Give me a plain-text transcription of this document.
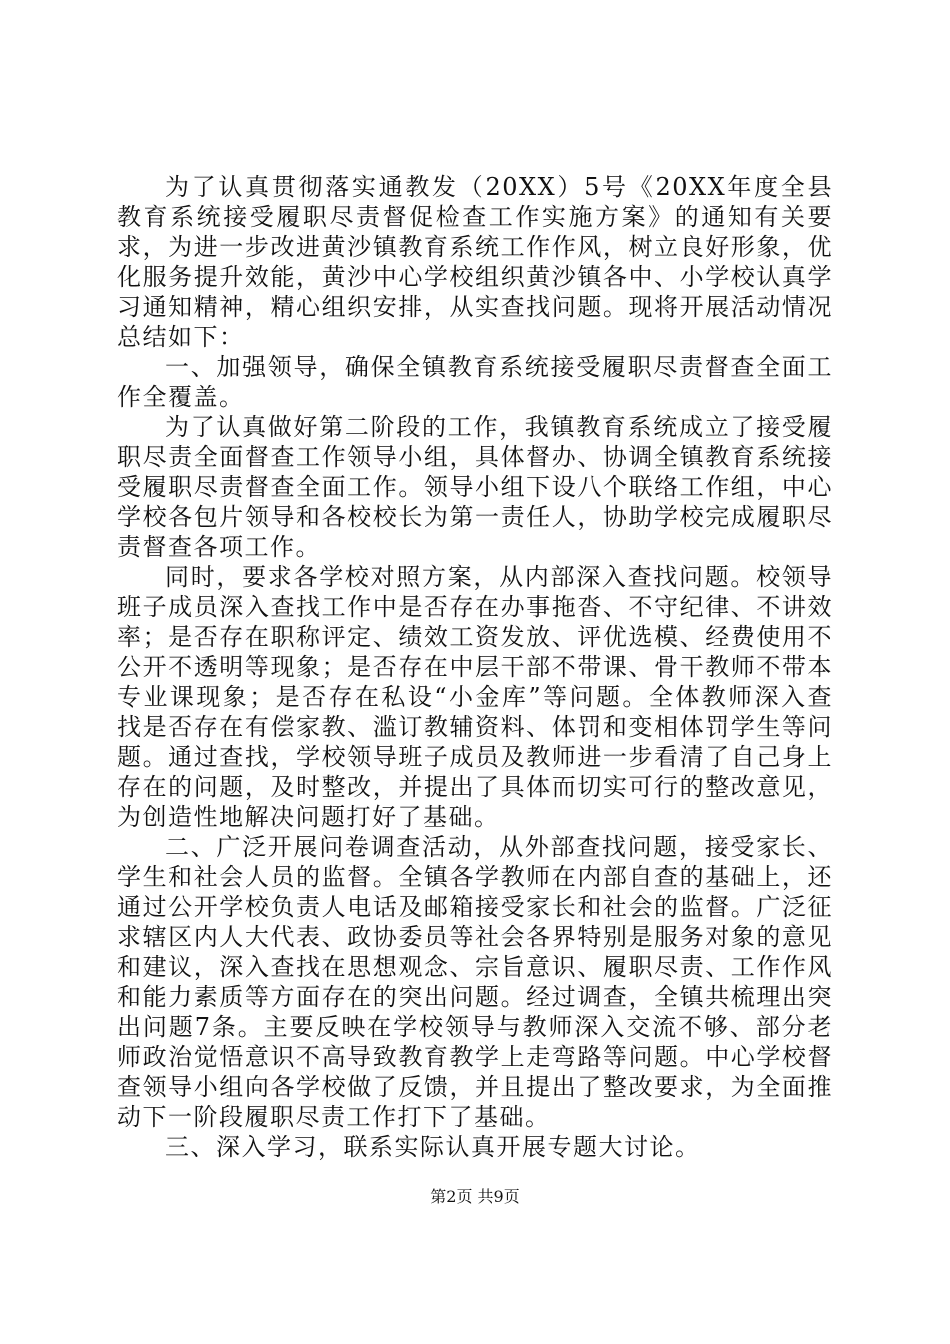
为了认真贯彻落实通教发（20XX）5号《20XX年度全县教育系统接受履职尽责督促检查工作实施方案》的通知有关要求，为进一步改进黄沙镇教育系统工作作风，树立良好形象，优化服务提升效能，黄沙中心学校组织黄沙镇各中、小学校认真学习通知精神，精心组织安排，从实查找问题。现将开展活动情况总结如下：

一、加强领导，确保全镇教育系统接受履职尽责督查全面工作全覆盖。

为了认真做好第二阶段的工作，我镇教育系统成立了接受履职尽责全面督查工作领导小组，具体督办、协调全镇教育系统接受履职尽责督查全面工作。领导小组下设八个联络工作组，中心学校各包片领导和各校校长为第一责任人，协助学校完成履职尽责督查各项工作。

同时，要求各学校对照方案，从内部深入查找问题。校领导班子成员深入查找工作中是否存在办事拖沓、不守纪律、不讲效率；是否存在职称评定、绩效工资发放、评优选模、经费使用不公开不透明等现象；是否存在中层干部不带课、骨干教师不带本专业课现象；是否存在私设“小金库”等问题。全体教师深入查找是否存在有偿家教、滥订教辅资料、体罚和变相体罚学生等问题。通过查找，学校领导班子成员及教师进一步看清了自己身上存在的问题，及时整改，并提出了具体而切实可行的整改意见，为创造性地解决问题打好了基础。

二、广泛开展问卷调查活动，从外部查找问题，接受家长、学生和社会人员的监督。全镇各学教师在内部自查的基础上，还通过公开学校负责人电话及邮箱接受家长和社会的监督。广泛征求辖区内人大代表、政协委员等社会各界特别是服务对象的意见和建议，深入查找在思想观念、宗旨意识、履职尽责、工作作风和能力素质等方面存在的突出问题。经过调查，全镇共梳理出突出问题7条。主要反映在学校领导与教师深入交流不够、部分老师政治觉悟意识不高导致教育教学上走弯路等问题。中心学校督查领导小组向各学校做了反馈，并且提出了整改要求，为全面推动下一阶段履职尽责工作打下了基础。

三、深入学习，联系实际认真开展专题大讨论。

第2页 共9页
